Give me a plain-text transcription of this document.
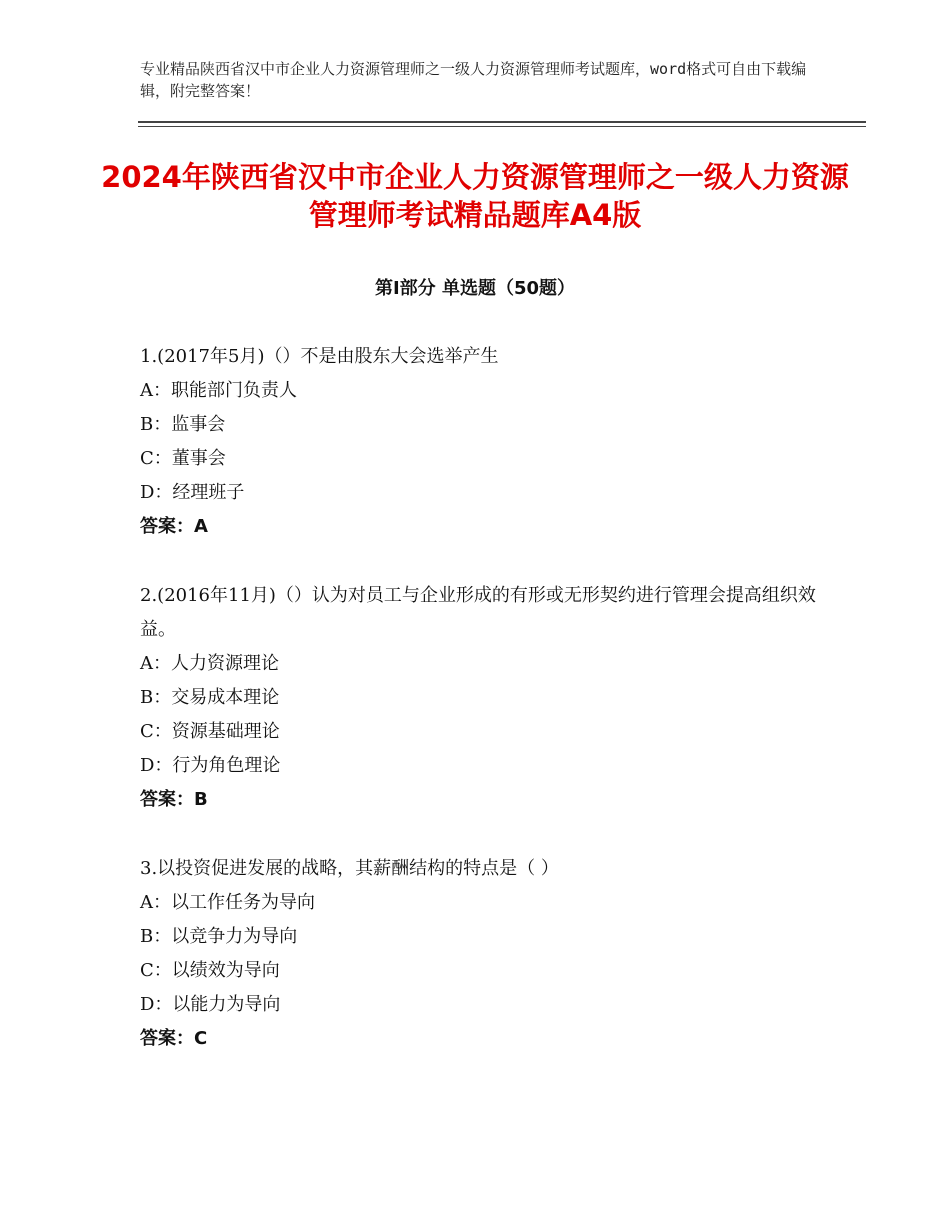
专业精品陕西省汉中市企业人力资源管理师之一级人力资源管理师考试题库，word格式可自由下载编辑，附完整答案！
2024年陕西省汉中市企业人力资源管理师之一级人力资源管理师考试精品题库A4版
第Ⅰ部分 单选题（50题）
1.(2017年5月)（）不是由股东大会选举产生
A：职能部门负责人
B：监事会
C：董事会
D：经理班子
答案：A
2.(2016年11月)（）认为对员工与企业形成的有形或无形契约进行管理会提高组织效益。
A：人力资源理论
B：交易成本理论
C：资源基础理论
D：行为角色理论
答案：B
3.以投资促进发展的战略，其薪酬结构的特点是（ ）
A：以工作任务为导向
B：以竞争力为导向
C：以绩效为导向
D：以能力为导向
答案：C
